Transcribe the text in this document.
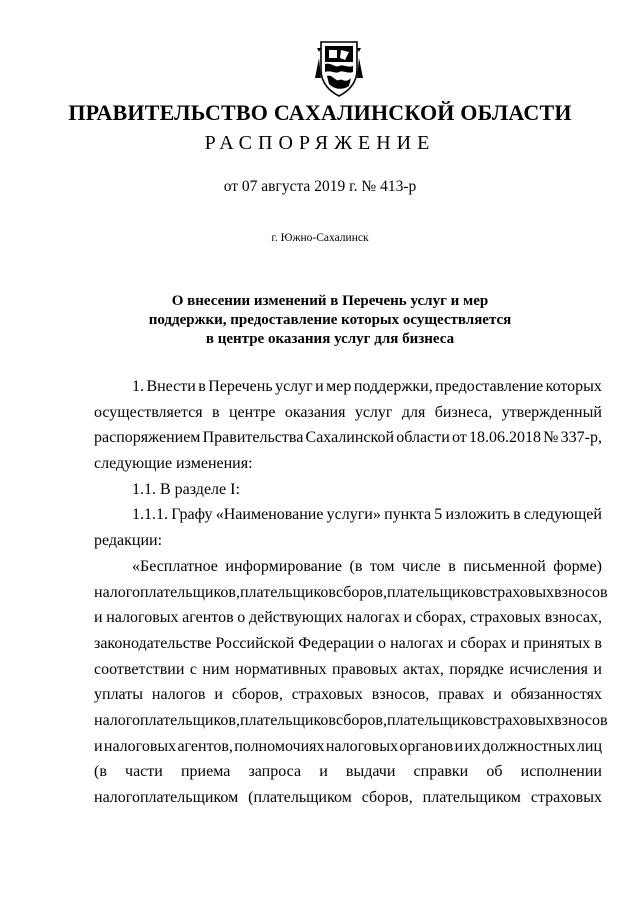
ПРАВИТЕЛЬСТВО САХАЛИНСКОЙ ОБЛАСТИ
РАСПОРЯЖЕНИЕ
от 07 августа 2019 г. № 413-р
г. Южно-Сахалинск
О внесении изменений в Перечень услуг и мер
поддержки, предоставление которых осуществляется
в центре оказания услуг для бизнеса
1. Внести в Перечень услуг и мер поддержки, предоставление которых
осуществляется в центре оказания услуг для бизнеса, утвержденный
распоряжением Правительства Сахалинской области от 18.06.2018 № 337-р,
следующие изменения:
1.1. В разделе I:
1.1.1. Графу «Наименование услуги» пункта 5 изложить в следующей
редакции:
«Бесплатное информирование (в том числе в письменной форме)
налогоплательщиков, плательщиков сборов, плательщиков страховых взносов
и налоговых агентов о действующих налогах и сборах, страховых взносах,
законодательстве Российской Федерации о налогах и сборах и принятых в
соответствии с ним нормативных правовых актах, порядке исчисления и
уплаты налогов и сборов, страховых взносов, правах и обязанностях
налогоплательщиков, плательщиков сборов, плательщиков страховых взносов
и налоговых агентов, полномочиях налоговых органов и их должностных лиц
(в части приема запроса и выдачи справки об исполнении
налогоплательщиком (плательщиком сборов, плательщиком страховых
